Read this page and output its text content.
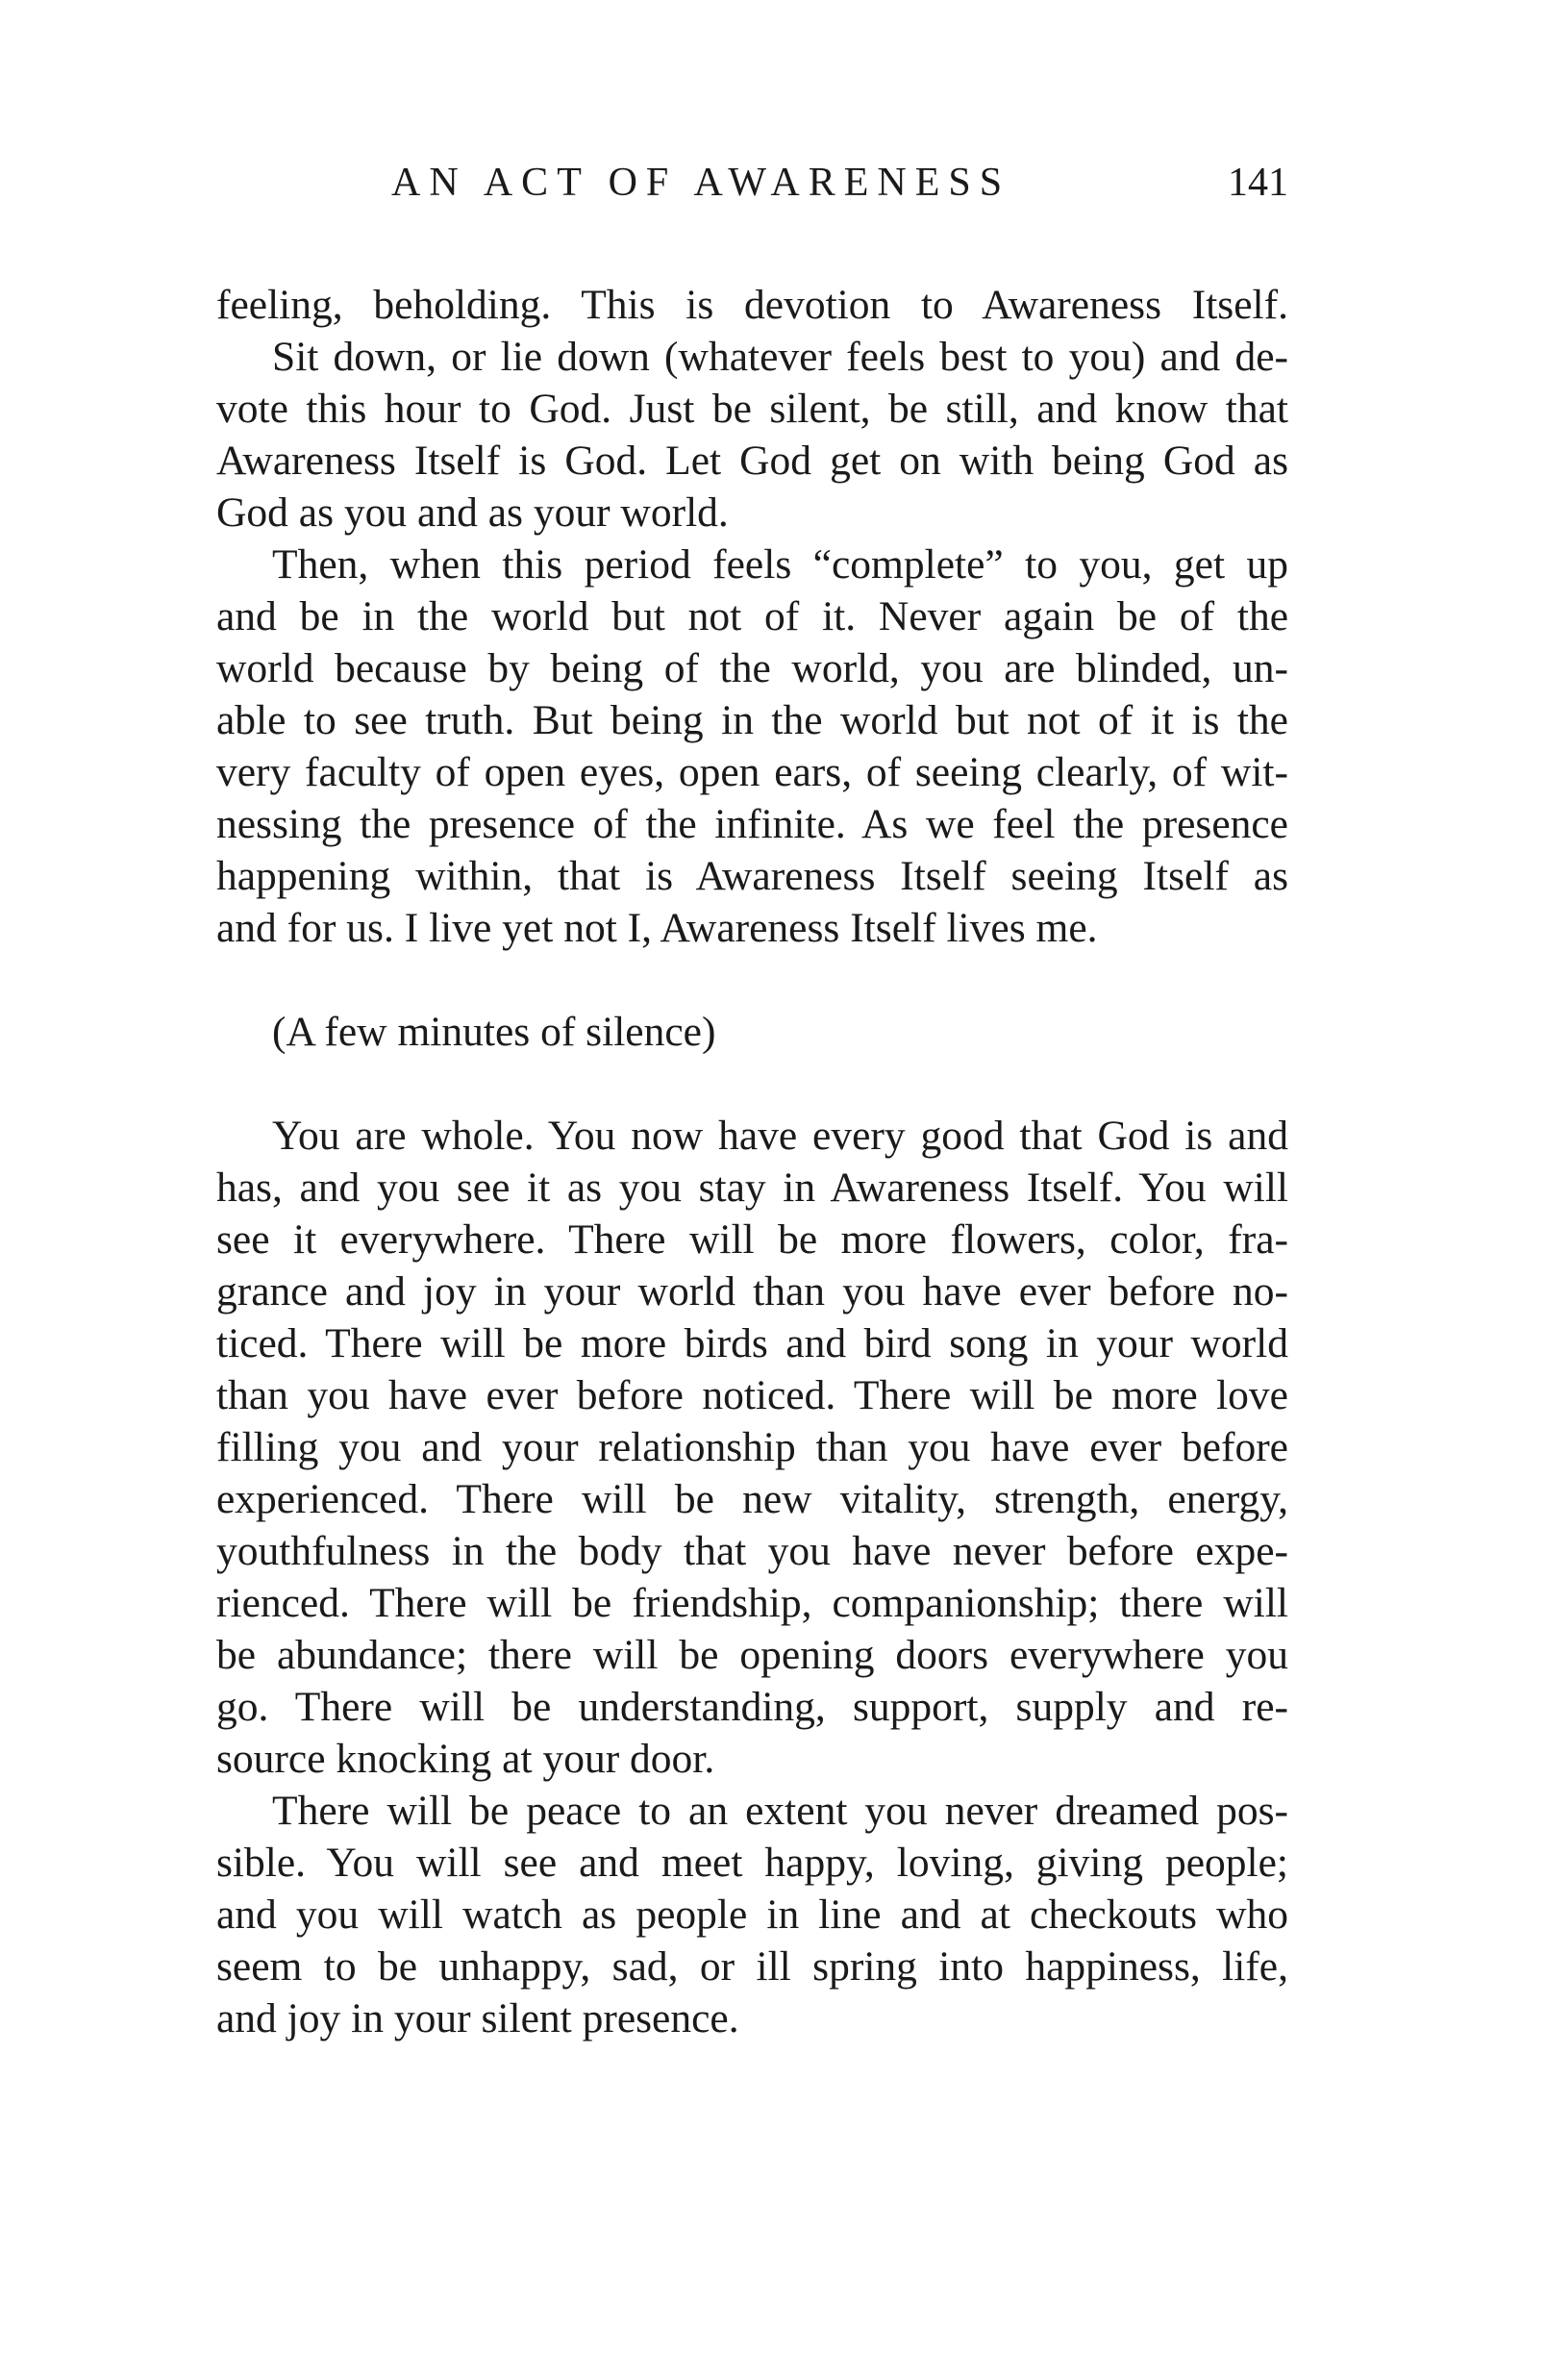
AN ACT OF AWARENESS	141
feeling, beholding. This is devotion to Awareness Itself.
Sit down, or lie down (whatever feels best to you) and de-
vote this hour to God. Just be silent, be still, and know that
Awareness Itself is God. Let God get on with being God as
God as you and as your world.
Then, when this period feels “complete” to you, get up
and be in the world but not of it. Never again be of the
world because by being of the world, you are blinded, un-
able to see truth. But being in the world but not of it is the
very faculty of open eyes, open ears, of seeing clearly, of wit-
nessing the presence of the infinite. As we feel the presence
happening within, that is Awareness Itself seeing Itself as
and for us. I live yet not I, Awareness Itself lives me.
(A few minutes of silence)
You are whole. You now have every good that God is and
has, and you see it as you stay in Awareness Itself. You will
see it everywhere. There will be more flowers, color, fra-
grance and joy in your world than you have ever before no-
ticed. There will be more birds and bird song in your world
than you have ever before noticed. There will be more love
filling you and your relationship than you have ever before
experienced. There will be new vitality, strength, energy,
youthfulness in the body that you have never before expe-
rienced. There will be friendship, companionship; there will
be abundance; there will be opening doors everywhere you
go. There will be understanding, support, supply and re-
source knocking at your door.
There will be peace to an extent you never dreamed pos-
sible. You will see and meet happy, loving, giving people;
and you will watch as people in line and at checkouts who
seem to be unhappy, sad, or ill spring into happiness, life,
and joy in your silent presence.
